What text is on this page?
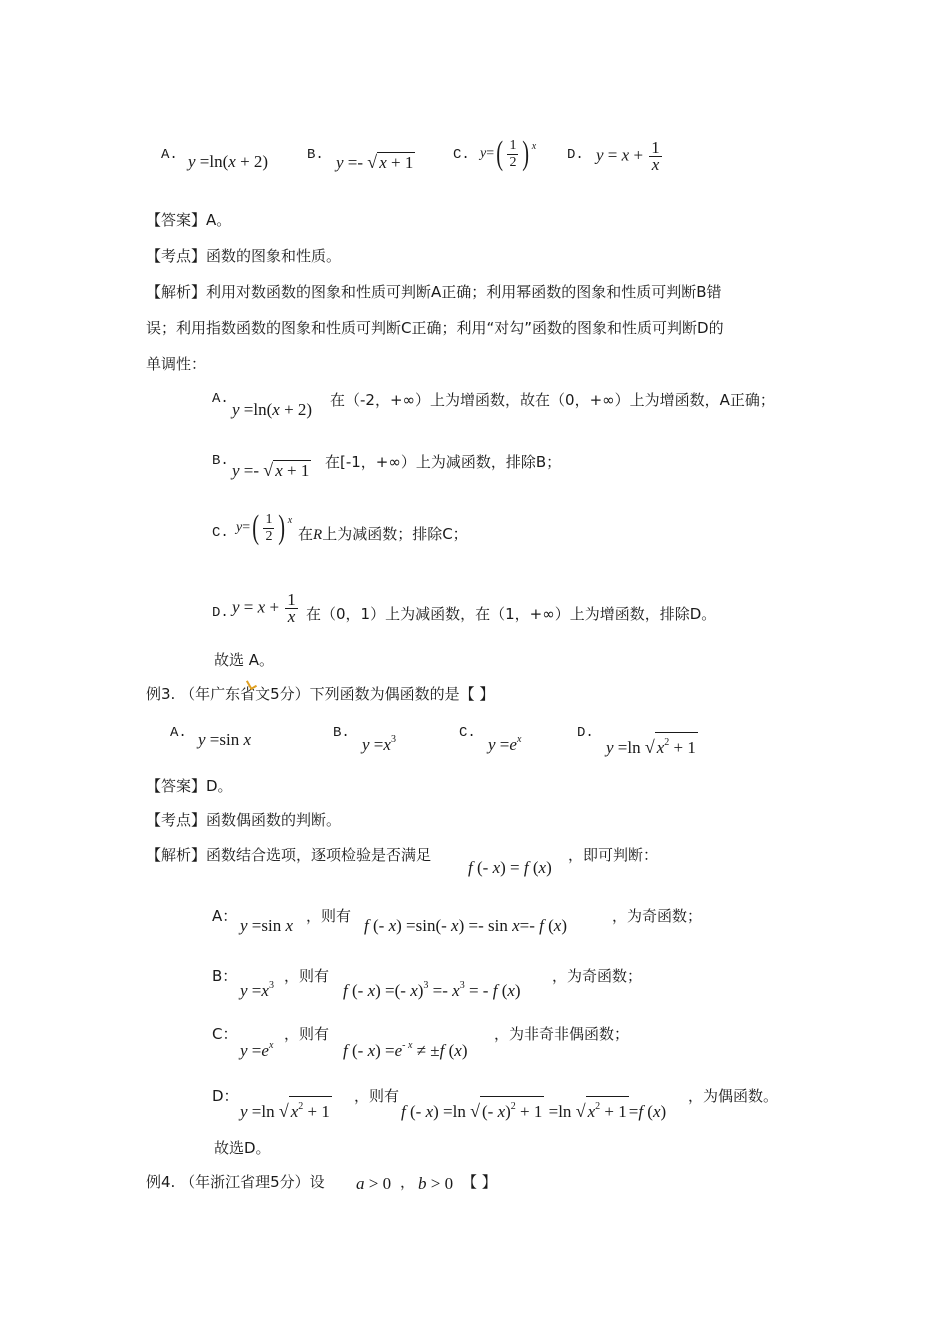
A. y =ln(x + 2)	B. y =- √ x + 1	C. $y=( \frac{1}{2}$ ) $^x$
D. $y = x + \frac{1}{x}$
【答案】A。
【考点】函数的图象和性质。
【解析】利用对数函数的图象和性质可判断A正确；利用幂函数的图象和性质可判断B错
误；利用指数函数的图象和性质可判断C正确；利用“对勾”函数的图象和性质可判断D的
单调性：
A.
y =ln(x + 2) 在（-2，+∞）上为增函数，故在（0，+∞）上为增函数，A正确；
B. y =- √ x + 1 在[-1，+∞）上为减函数，排除B；
C. $y=( \frac{1}{2}$ ) $^x$
在R上为减函数；排除C；
D. $y = x + \frac{1}{x}$ 在（0，1）上为减函数，在（1，+∞）上为增函数，排除D。
故选 A。
例3. （年广东省文5分）下列函数为偶函数的是【 】
A. y =sin x	B.
$y =x^3$	C.
$y =e^x$	D.
y =ln √ $x^2 + 1$
【答案】D。
【考点】函数偶函数的判断。
【解析】函数结合选项，逐项检验是否满足
f (- x) = f (x)
，即可判断：
A： y =sin x ，则有 f (- x) =sin(- x) =- sin x=- f (x)	，为奇函数；
B：
$y =x^3$
，则有
f (- x) =(- $x)^3 =- x^3$ = - f (x)
，为奇函数；
C：
$y =e^x$
，则有
f (- $x) =e^{- x} \ne \pm f$ (x)
，为非奇非偶函数；
D：
y =ln √ $x^2 + 1$
，则有
f (- x) =ln √ (- x)$^2$ + 1 =ln √ $x^2 + 1 =f$ (x)
，为偶函数。
故选D。
例4. （年浙江省理5分）设 a > 0 ， b > 0 【 】
